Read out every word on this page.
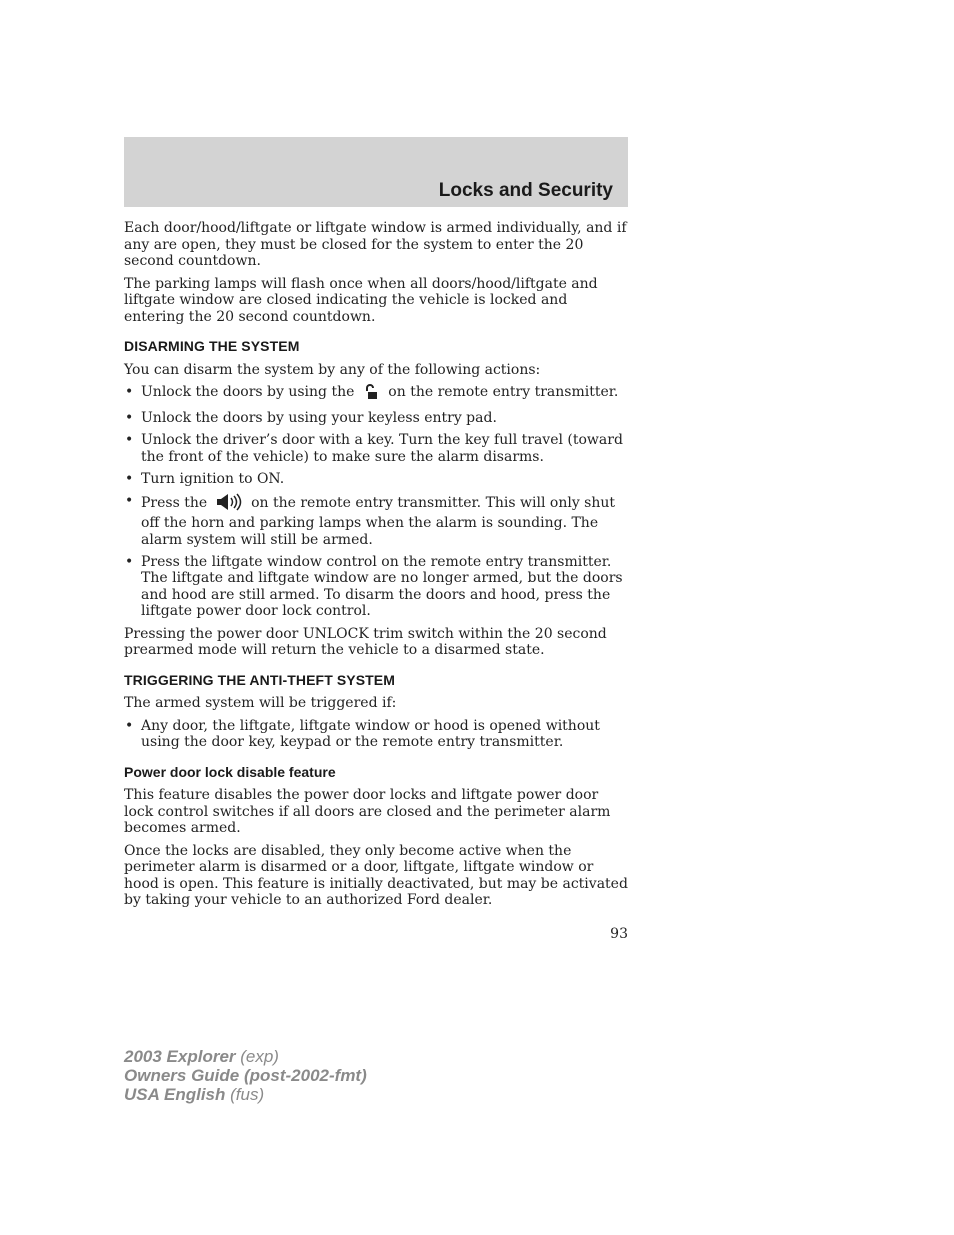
Locks and Security

Each door/hood/liftgate or liftgate window is armed individually, and if any are open, they must be closed for the system to enter the 20 second countdown.

The parking lamps will flash once when all doors/hood/liftgate and liftgate window are closed indicating the vehicle is locked and entering the 20 second countdown.

DISARMING THE SYSTEM

You can disarm the system by any of the following actions:

• Unlock the doors by using the on the remote entry transmitter.
• Unlock the doors by using your keyless entry pad.
• Unlock the driver’s door with a key. Turn the key full travel (toward the front of the vehicle) to make sure the alarm disarms.
• Turn ignition to ON.
• Press the	on the remote entry transmitter. This will only shut off the horn and parking lamps when the alarm is sounding. The alarm system will still be armed.
• Press the liftgate window control on the remote entry transmitter. The liftgate and liftgate window are no longer armed, but the doors and hood are still armed. To disarm the doors and hood, press the liftgate power door lock control.

Pressing the power door UNLOCK trim switch within the 20 second prearmed mode will return the vehicle to a disarmed state.

TRIGGERING THE ANTI-THEFT SYSTEM

The armed system will be triggered if:

• Any door, the liftgate, liftgate window or hood is opened without using the door key, keypad or the remote entry transmitter.
Power door lock disable feature

This feature disables the power door locks and liftgate power door lock control switches if all doors are closed and the perimeter alarm becomes armed.

Once the locks are disabled, they only become active when the perimeter alarm is disarmed or a door, liftgate, liftgate window or hood is open. This feature is initially deactivated, but may be activated by taking your vehicle to an authorized Ford dealer.

93
2003 Explorer (exp)
Owners Guide (post-2002-fmt)
USA English (fus)
